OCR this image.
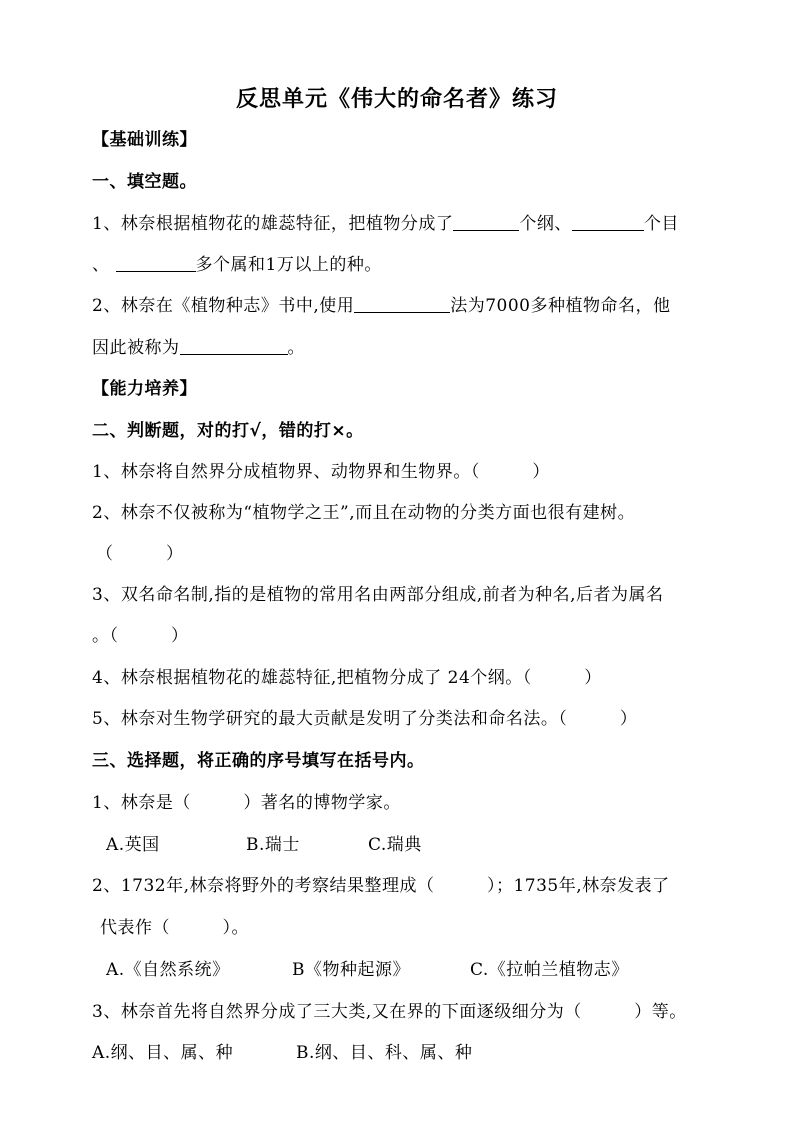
反思单元《伟大的命名者》练习
【基础训练】
一、填空题。
1、林奈根据植物花的雄蕊特征，把植物分成了	个纲、	个目
、	多个属和1万以上的种。
2、林奈在《植物种志》书中,使用	法为7000多种植物命名，他
因此被称为	。
【能力培养】
二、判断题，对的打√，错的打×。
1、林奈将自然界分成植物界、动物界和生物界。（　　　）
2、林奈不仅被称为“植物学之王”,而且在动物的分类方面也很有建树。
（　　　）
3、双名命名制,指的是植物的常用名由两部分组成,前者为种名,后者为属名
。（　　　）
4、林奈根据植物花的雄蕊特征,把植物分成了 24个纲。（　　　）
5、林奈对生物学研究的最大贡献是发明了分类法和命名法。（　　　）
三、选择题，将正确的序号填写在括号内。
1、林奈是（　　　）著名的博物学家。
A.英国	B.瑞士	C.瑞典
2、1732年,林奈将野外的考察结果整理成（　　　）；1735年,林奈发表了
代表作（　　　）。
A.《自然系统》	B《物种起源》	C.《拉帕兰植物志》
3、林奈首先将自然界分成了三大类,又在界的下面逐级细分为（　　　）等。
A.纲、目、属、种	B.纲、目、科、属、种
